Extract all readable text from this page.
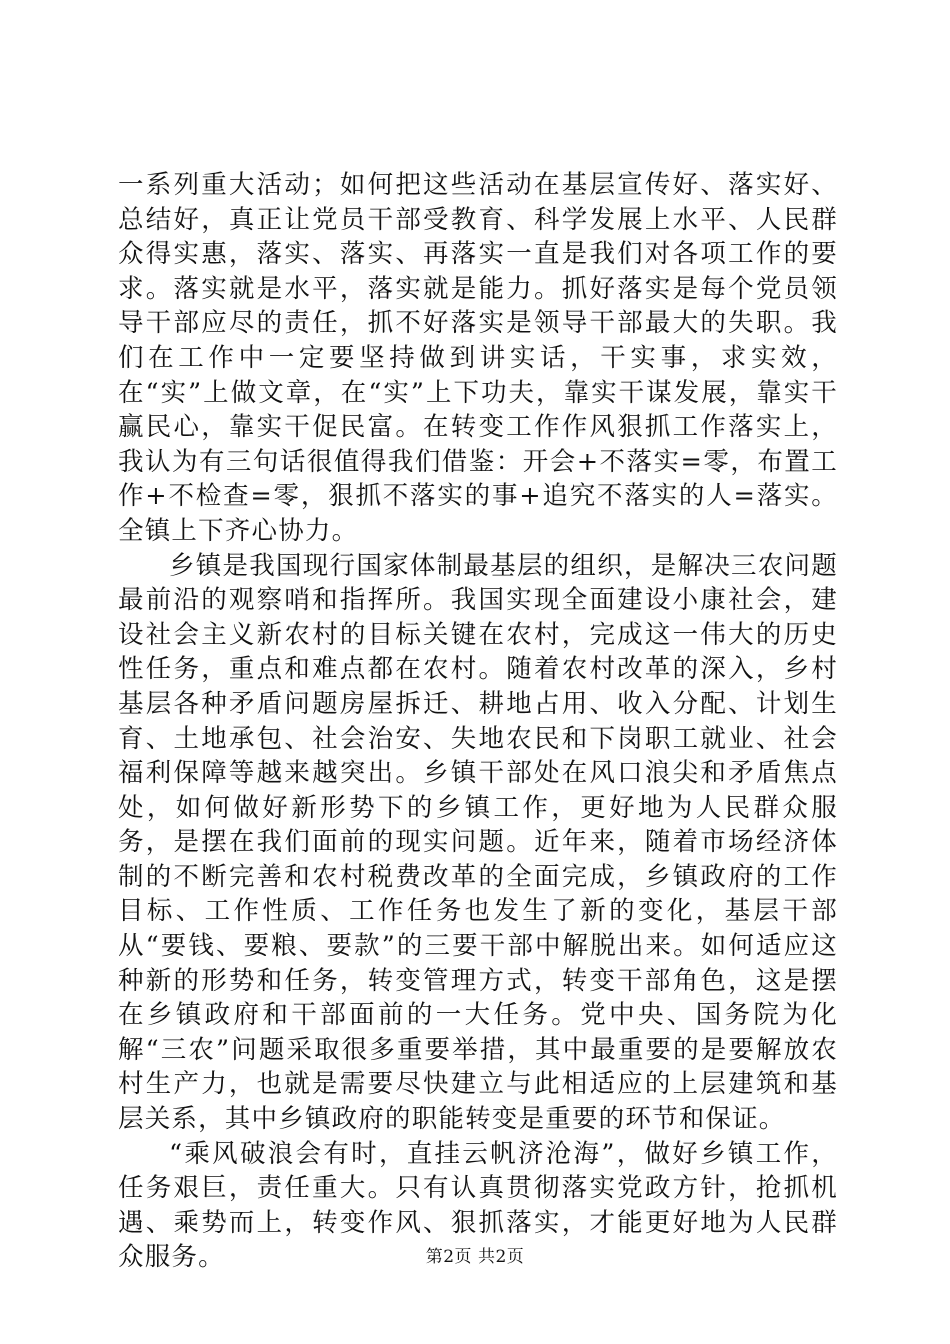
一系列重大活动；如何把这些活动在基层宣传好、落实好、总结好，真正让党员干部受教育、科学发展上水平、人民群众得实惠，落实、落实、再落实一直是我们对各项工作的要求。落实就是水平，落实就是能力。抓好落实是每个党员领导干部应尽的责任，抓不好落实是领导干部最大的失职。我们在工作中一定要坚持做到讲实话，干实事，求实效，在“实”上做文章，在“实”上下功夫，靠实干谋发展，靠实干赢民心，靠实干促民富。在转变工作作风狠抓工作落实上，我认为有三句话很值得我们借鉴：开会+不落实=零，布置工作+不检查=零，狠抓不落实的事+追究不落实的人=落实。全镇上下齐心协力。

乡镇是我国现行国家体制最基层的组织，是解决三农问题最前沿的观察哨和指挥所。我国实现全面建设小康社会，建设社会主义新农村的目标关键在农村，完成这一伟大的历史性任务，重点和难点都在农村。随着农村改革的深入，乡村基层各种矛盾问题房屋拆迁、耕地占用、收入分配、计划生育、土地承包、社会治安、失地农民和下岗职工就业、社会福利保障等越来越突出。乡镇干部处在风口浪尖和矛盾焦点处，如何做好新形势下的乡镇工作，更好地为人民群众服务，是摆在我们面前的现实问题。近年来，随着市场经济体制的不断完善和农村税费改革的全面完成，乡镇政府的工作目标、工作性质、工作任务也发生了新的变化，基层干部从“要钱、要粮、要款”的三要干部中解脱出来。如何适应这种新的形势和任务，转变管理方式，转变干部角色，这是摆在乡镇政府和干部面前的一大任务。党中央、国务院为化解“三农”问题采取很多重要举措，其中最重要的是要解放农村生产力，也就是需要尽快建立与此相适应的上层建筑和基层关系，其中乡镇政府的职能转变是重要的环节和保证。

“乘风破浪会有时，直挂云帆济沧海”，做好乡镇工作，任务艰巨，责任重大。只有认真贯彻落实党政方针，抢抓机遇、乘势而上，转变作风、狠抓落实，才能更好地为人民群众服务。	第2页 共2页
